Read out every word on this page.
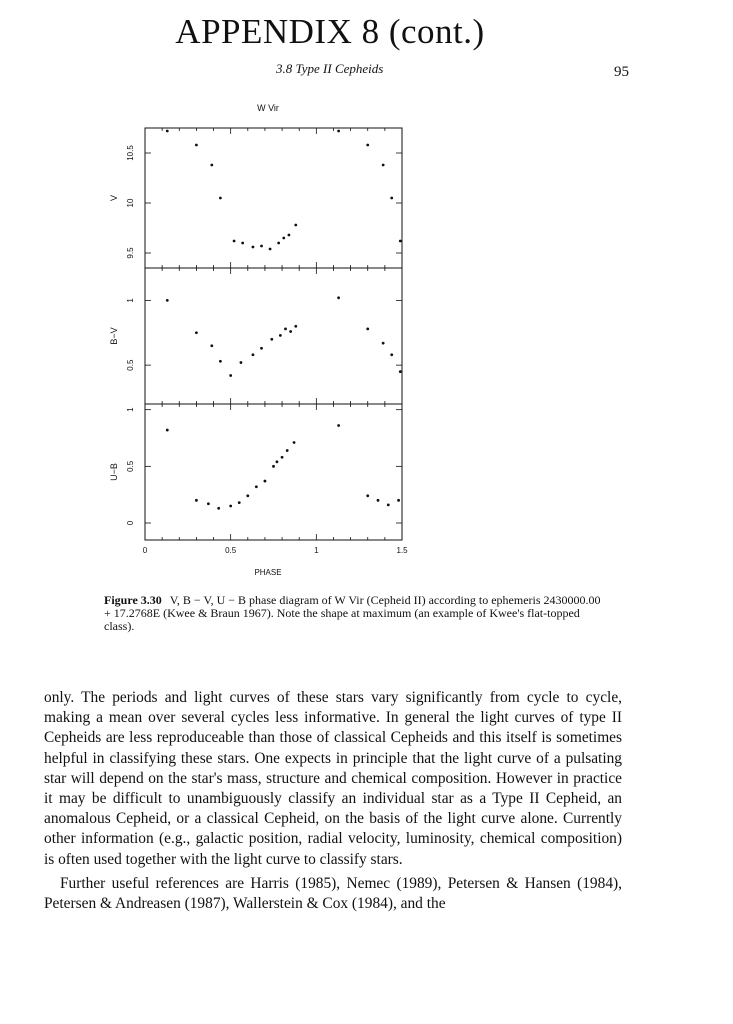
APPENDIX 8 (cont.)
3.8 Type II Cepheids	95
W Vir
9.5
10
10.5
V
0.5
1
B−V
0
0.5
1
U−B
0	0.5	1	1.5
PHASE
Figure 3.30 V, B − V, U − B phase diagram of W Vir (Cepheid II) according to ephemeris 2430000.00 + 17.2768E (Kwee & Braun 1967). Note the shape at maximum (an example of Kwee's flat-topped class).

only. The periods and light curves of these stars vary significantly from cycle to cycle, making a mean over several cycles less informative. In general the light curves of type II Cepheids are less reproduceable than those of classical Cepheids and this itself is sometimes helpful in classifying these stars. One expects in principle that the light curve of a pulsating star will depend on the star's mass, structure and chemical composition. However in practice it may be difficult to unambiguously classify an individual star as a Type II Cepheid, an anomalous Cepheid, or a classical Cepheid, on the basis of the light curve alone. Currently other information (e.g., galactic position, radial velocity, luminosity, chemical composition) is often used together with the light curve to classify stars.

Further useful references are Harris (1985), Nemec (1989), Petersen & Hansen (1984), Petersen & Andreasen (1987), Wallerstein & Cox (1984), and the
